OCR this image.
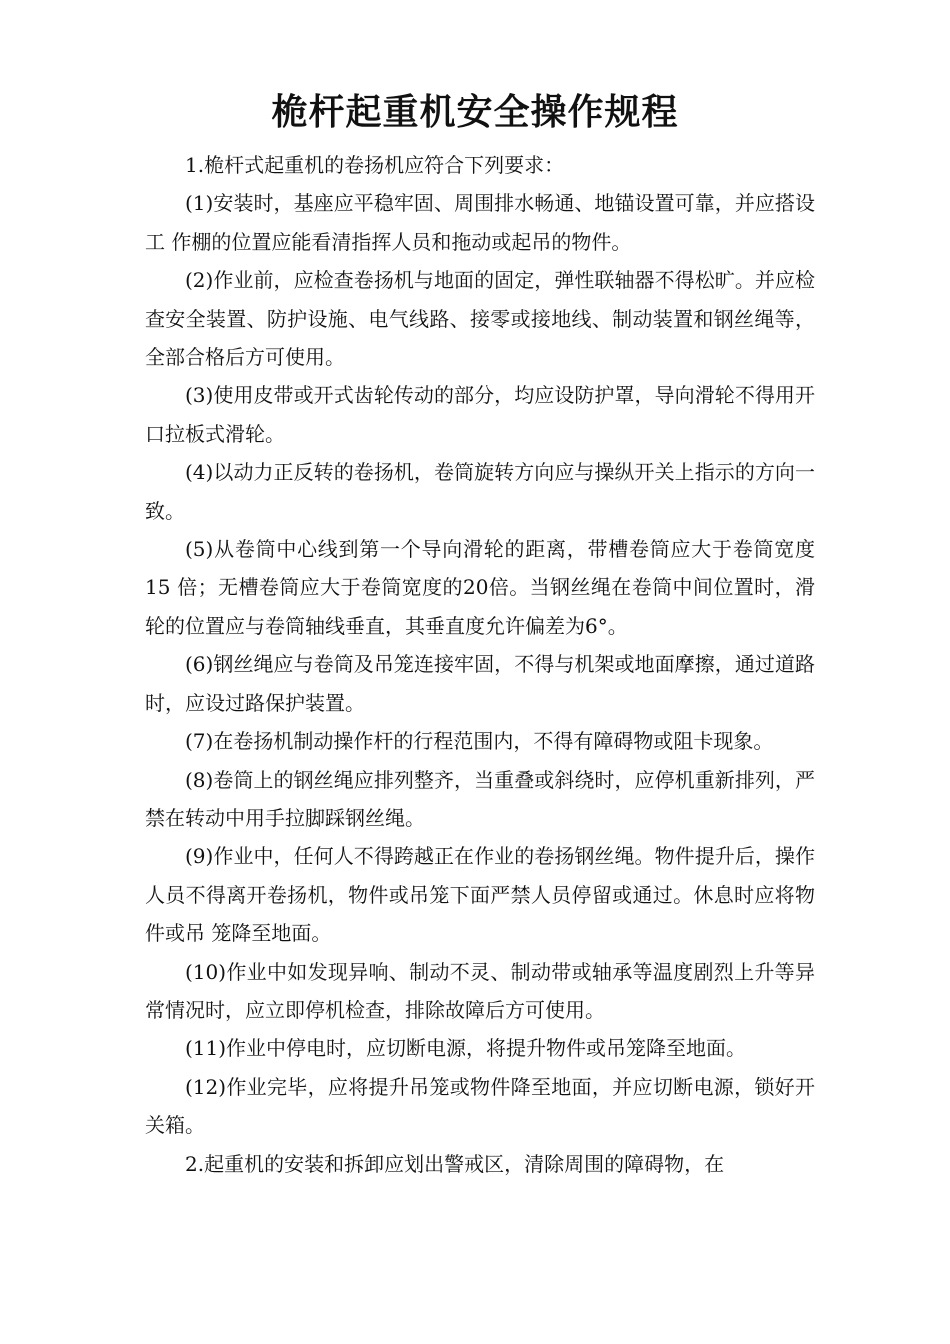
桅杆起重机安全操作规程

1.桅杆式起重机的卷扬机应符合下列要求：

(1)安装时，基座应平稳牢固、周围排水畅通、地锚设置可靠，并应搭设工 作棚的位置应能看清指挥人员和拖动或起吊的物件。

(2)作业前，应检查卷扬机与地面的固定，弹性联轴器不得松旷。并应检查安全装置、防护设施、电气线路、接零或接地线、制动装置和钢丝绳等，全部合格后方可使用。

(3)使用皮带或开式齿轮传动的部分，均应设防护罩，导向滑轮不得用开口拉板式滑轮。

(4)以动力正反转的卷扬机，卷筒旋转方向应与操纵开关上指示的方向一致。

(5)从卷筒中心线到第一个导向滑轮的距离，带槽卷筒应大于卷筒宽度15 倍；无槽卷筒应大于卷筒宽度的20倍。当钢丝绳在卷筒中间位置时，滑轮的位置应与卷筒轴线垂直，其垂直度允许偏差为6°。

(6)钢丝绳应与卷筒及吊笼连接牢固，不得与机架或地面摩擦，通过道路时，应设过路保护装置。

(7)在卷扬机制动操作杆的行程范围内，不得有障碍物或阻卡现象。

(8)卷筒上的钢丝绳应排列整齐，当重叠或斜绕时，应停机重新排列，严禁在转动中用手拉脚踩钢丝绳。

(9)作业中，任何人不得跨越正在作业的卷扬钢丝绳。物件提升后，操作人员不得离开卷扬机，物件或吊笼下面严禁人员停留或通过。休息时应将物件或吊 笼降至地面。

(10)作业中如发现异响、制动不灵、制动带或轴承等温度剧烈上升等异常情况时，应立即停机检查，排除故障后方可使用。

(11)作业中停电时，应切断电源，将提升物件或吊笼降至地面。

(12)作业完毕，应将提升吊笼或物件降至地面，并应切断电源，锁好开关箱。

2.起重机的安装和拆卸应划出警戒区，清除周围的障碍物，在
